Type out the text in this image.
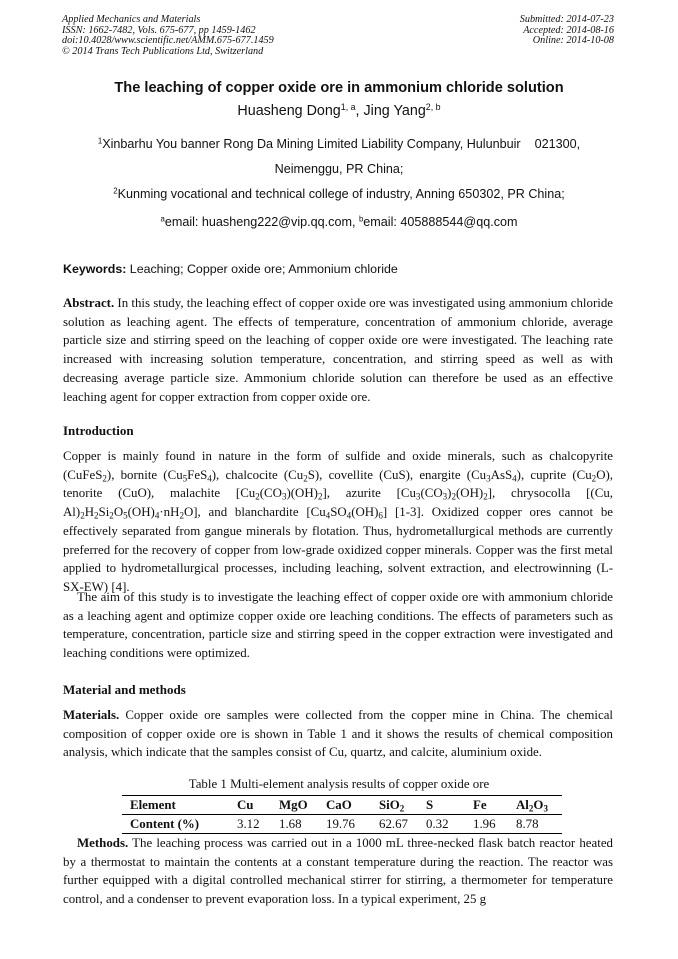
Applied Mechanics and Materials
ISSN: 1662-7482, Vols. 675-677, pp 1459-1462
doi:10.4028/www.scientific.net/AMM.675-677.1459
© 2014 Trans Tech Publications Ltd, Switzerland
Submitted: 2014-07-23
Accepted: 2014-08-16
Online: 2014-10-08
The leaching of copper oxide ore in ammonium chloride solution
Huasheng Dong$^{1, a}$, Jing Yang$^{2, b}$
$^1$Xinbarhu You banner Rong Da Mining Limited Liability Company, Hulunbuir    021300,
Neimenggu, PR China;
$^2$Kunming vocational and technical college of industry, Anning 650302, PR China;
$^a$email: huasheng222@vip.qq.com, $^b$email: 405888544@qq.com
Keywords: Leaching; Copper oxide ore; Ammonium chloride

Abstract. In this study, the leaching effect of copper oxide ore was investigated using ammonium chloride solution as leaching agent. The effects of temperature, concentration of ammonium chloride, average particle size and stirring speed on the leaching of copper oxide ore were investigated. The leaching rate increased with increasing solution temperature, concentration, and stirring speed as well as with decreasing average particle size. Ammonium chloride solution can therefore be used as an effective leaching agent for copper extraction from copper oxide ore.

Introduction

Copper is mainly found in nature in the form of sulfide and oxide minerals, such as chalcopyrite (CuFeS$_2$), bornite $(Cu_5FeS_4)$, chalcocite $(Cu_2S)$, covellite (CuS), enargite $(Cu_3AsS_4)$, cuprite $(Cu_2O)$, tenorite (CuO), malachite $[Cu_2(CO_3)(OH)_2]$, azurite $[Cu_3(CO_3)_2(OH)_2]$, chrysocolla [(Cu, $Al)_2H_2Si_2O_5(OH)_4\cdot nH_2O$], and blanchardite $[Cu_4SO_4(OH)_6]$ [1-3]. Oxidized copper ores cannot be effectively separated from gangue minerals by flotation. Thus, hydrometallurgical methods are currently preferred for the recovery of copper from low-grade oxidized copper minerals. Copper was the first metal applied to hydrometallurgical processes, including leaching, solvent extraction, and electrowinning (L-SX-EW) [4].

The aim of this study is to investigate the leaching effect of copper oxide ore with ammonium chloride as a leaching agent and optimize copper oxide ore leaching conditions. The effects of parameters such as temperature, concentration, particle size and stirring speed in the copper extraction were investigated and leaching conditions were optimized.

Material and methods

Materials. Copper oxide ore samples were collected from the copper mine in China. The chemical composition of copper oxide ore is shown in Table 1 and it shows the results of chemical composition analysis, which indicate that the samples consist of Cu, quartz, and calcite, aluminium oxide.

Table 1 Multi-element analysis results of copper oxide ore
Element	Cu	MgO	CaO	SiO$_2$	S	Fe	$Al_2O_3$
Content (%)	3.12	1.68	19.76	62.67	0.32	1.96	8.78

Methods. The leaching process was carried out in a 1000 mL three-necked flask batch reactor heated by a thermostat to maintain the contents at a constant temperature during the reaction. The reactor was further equipped with a digital controlled mechanical stirrer for stirring, a thermometer for temperature control, and a condenser to prevent evaporation loss. In a typical experiment, 25 g
